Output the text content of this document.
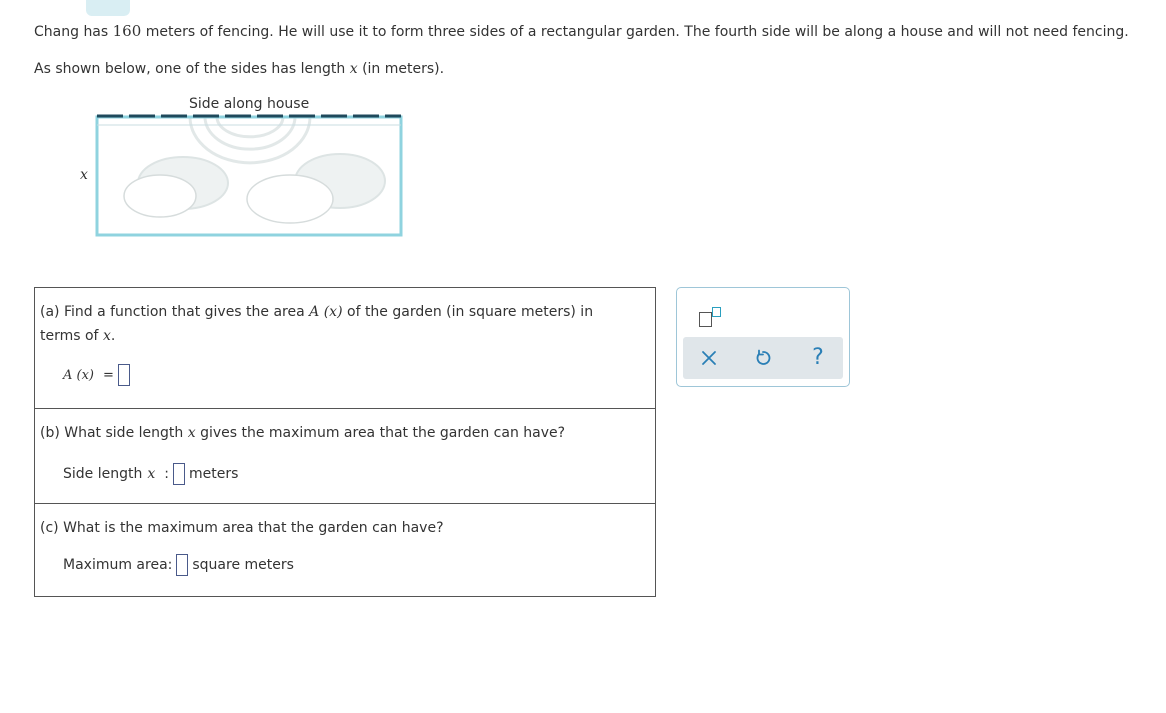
Chang has 160 meters of fencing. He will use it to form three sides of a rectangular garden. The fourth side will be along a house and will not need fencing.
As shown below, one of the sides has length x (in meters).
Side along house
x
(a) Find a function that gives the area A (x) of the garden (in square meters) in terms of x.
A (x) =
(b) What side length x gives the maximum area that the garden can have?
Side length x : meters
(c) What is the maximum area that the garden can have?
Maximum area: square meters
?
